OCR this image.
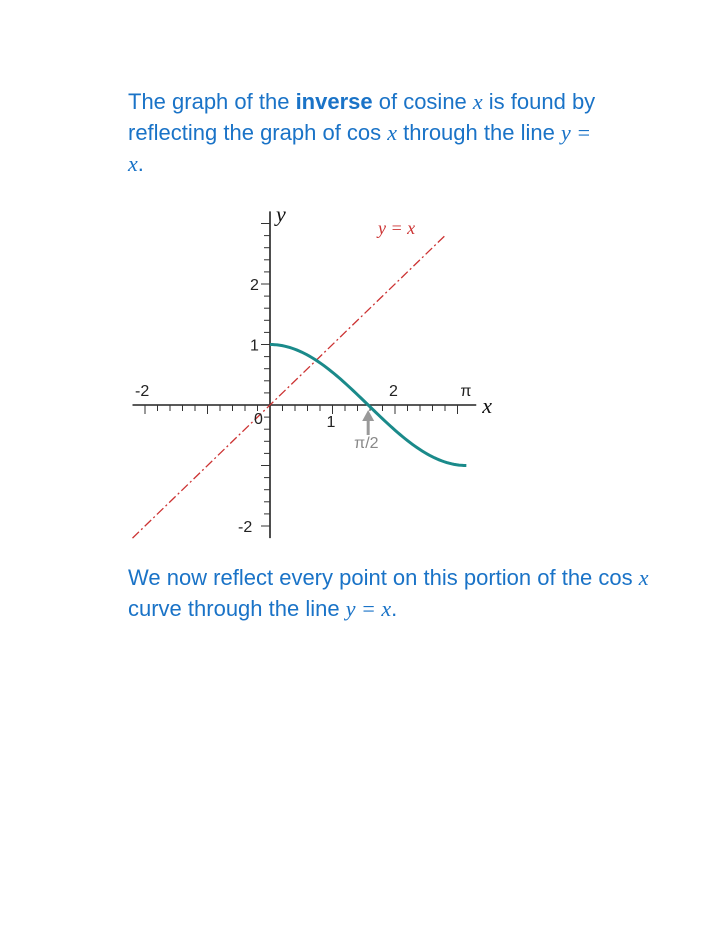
The graph of the inverse of cosine x is found by reflecting the graph of cos x through the line y = x.
-2
0	1
2	π
2
1
-2
x
y
y = x
π/2
We now reflect every point on this portion of the cos x curve through the line y = x.
